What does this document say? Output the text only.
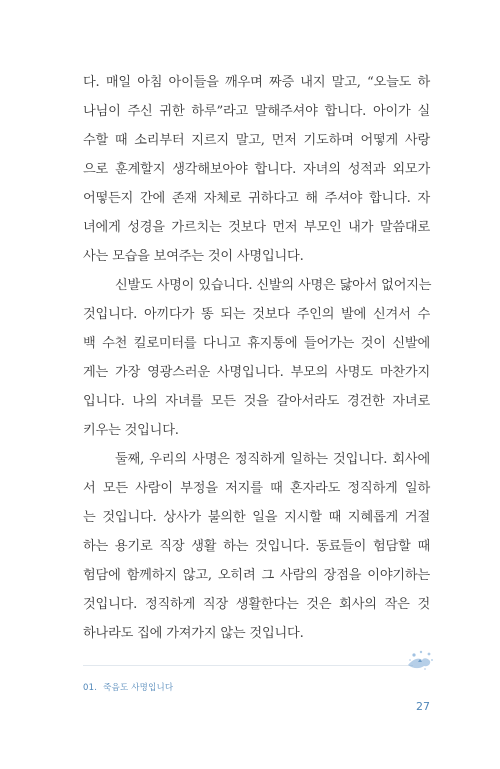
다. 매일 아침 아이들을 깨우며 짜증 내지 말고, “오늘도 하
나님이 주신 귀한 하루”라고 말해주셔야 합니다. 아이가 실
수할 때 소리부터 지르지 말고, 먼저 기도하며 어떻게 사랑
으로 훈계할지 생각해보아야 합니다. 자녀의 성적과 외모가
어떻든지 간에 존재 자체로 귀하다고 해 주셔야 합니다. 자
녀에게 성경을 가르치는 것보다 먼저 부모인 내가 말씀대로
사는 모습을 보여주는 것이 사명입니다.
신발도 사명이 있습니다. 신발의 사명은 닳아서 없어지는
것입니다. 아끼다가 똥 되는 것보다 주인의 발에 신겨서 수
백 수천 킬로미터를 다니고 휴지통에 들어가는 것이 신발에
게는 가장 영광스러운 사명입니다. 부모의 사명도 마찬가지
입니다. 나의 자녀를 모든 것을 갈아서라도 경건한 자녀로
키우는 것입니다.
둘째, 우리의 사명은 정직하게 일하는 것입니다. 회사에
서 모든 사람이 부정을 저지를 때 혼자라도 정직하게 일하
는 것입니다. 상사가 불의한 일을 지시할 때 지혜롭게 거절
하는 용기로 직장 생활 하는 것입니다. 동료들이 험담할 때
험담에 함께하지 않고, 오히려 그 사람의 장점을 이야기하는
것입니다. 정직하게 직장 생활한다는 것은 회사의 작은 것
하나라도 집에 가져가지 않는 것입니다.
01. 죽음도 사명입니다
27
